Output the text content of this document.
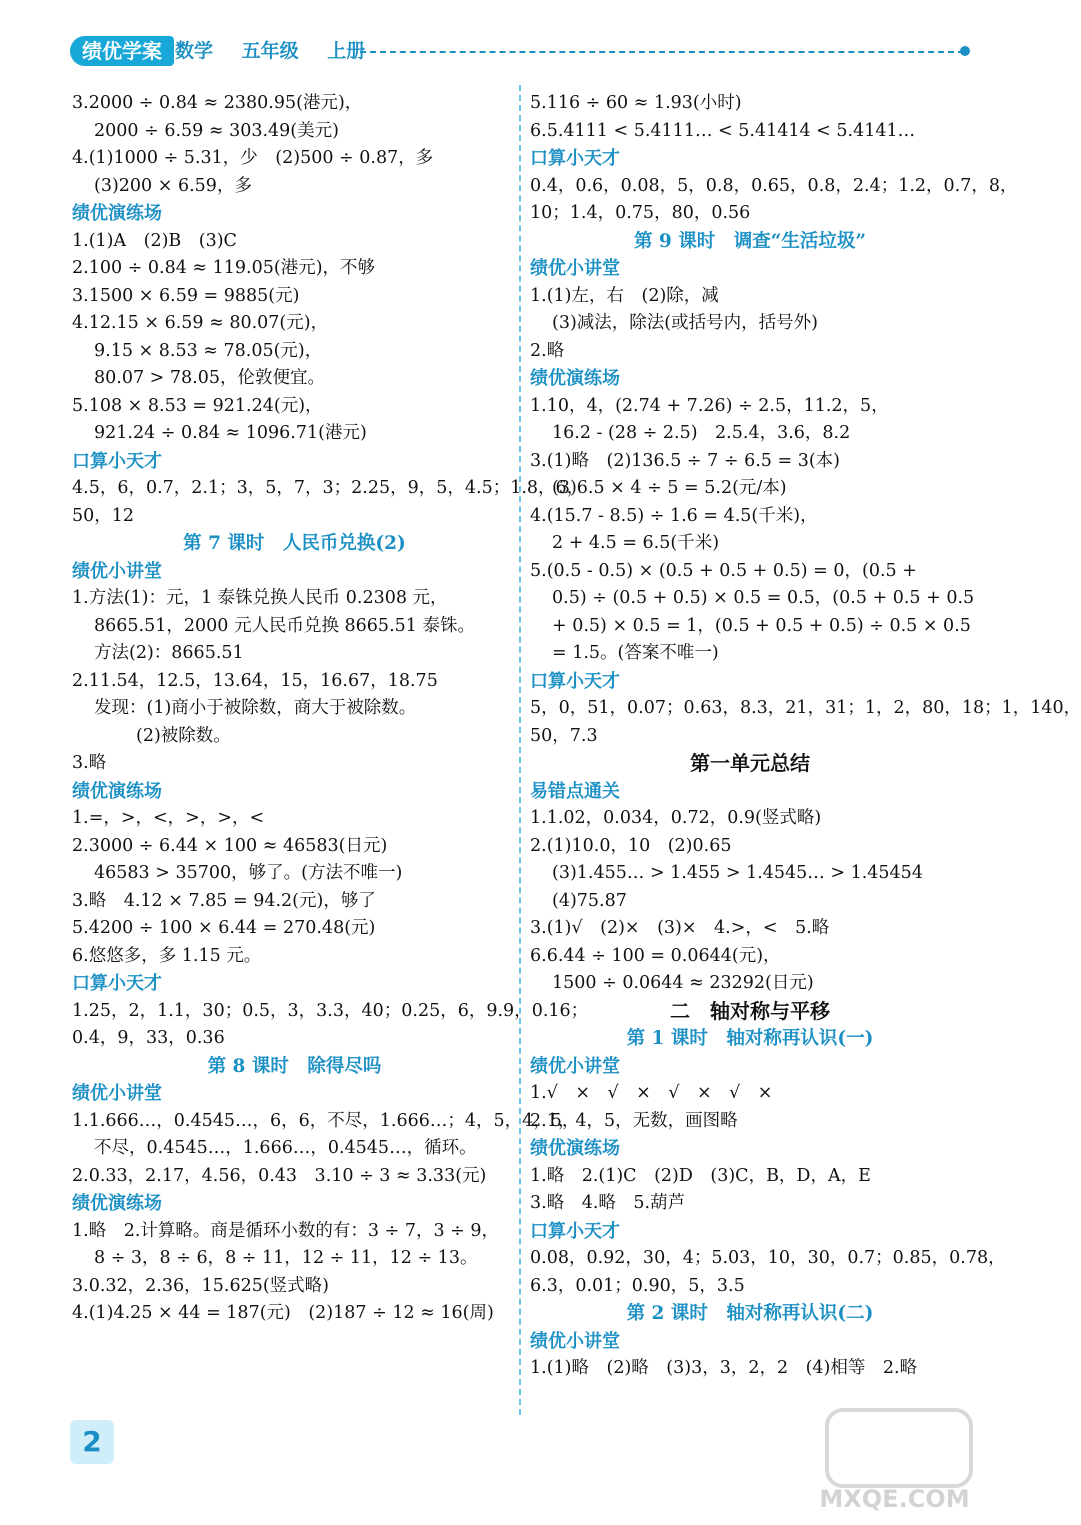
绩优学案 数学 五年级 上册
3.2000 ÷ 0.84 ≈ 2380.95(港元)，
2000 ÷ 6.59 ≈ 303.49(美元)
4.(1)1000 ÷ 5.31，少　(2)500 ÷ 0.87，多
(3)200 × 6.59，多
绩优演练场
1.(1)A　(2)B　(3)C
2.100 ÷ 0.84 ≈ 119.05(港元)，不够
3.1500 × 6.59 = 9885(元)
4.12.15 × 6.59 ≈ 80.07(元)，
9.15 × 8.53 ≈ 78.05(元)，
80.07 > 78.05，伦敦便宜。
5.108 × 8.53 = 921.24(元)，
921.24 ÷ 0.84 ≈ 1096.71(港元)
口算小天才
4.5，6，0.7，2.1；3，5，7，3；2.25，9，5，4.5；1.8，6，
50，12
第 7 课时　人民币兑换(2)
绩优小讲堂
1.方法(1)：元，1 泰铢兑换人民币 0.2308 元，
8665.51，2000 元人民币兑换 8665.51 泰铢。
方法(2)：8665.51
2.11.54，12.5，13.64，15，16.67，18.75
发现：(1)商小于被除数，商大于被除数。
(2)被除数。
3.略
绩优演练场
1.=，>，<，>，>，<
2.3000 ÷ 6.44 × 100 ≈ 46583(日元)
46583 > 35700，够了。(方法不唯一)
3.略　4.12 × 7.85 = 94.2(元)，够了
5.4200 ÷ 100 × 6.44 = 270.48(元)
6.悠悠多，多 1.15 元。
口算小天才
1.25，2，1.1，30；0.5，3，3.3，40；0.25，6，9.9，0.16；
0.4，9，33，0.36
第 8 课时　除得尽吗
绩优小讲堂
1.1.666…，0.4545…，6，6，不尽，1.666…；4，5，4，5，
不尽，0.4545…，1.666…，0.4545…，循环。
2.0.33，2.17，4.56，0.43　3.10 ÷ 3 ≈ 3.33(元)
绩优演练场
1.略　2.计算略。商是循环小数的有：3 ÷ 7，3 ÷ 9，
8 ÷ 3，8 ÷ 6，8 ÷ 11，12 ÷ 11，12 ÷ 13。
3.0.32，2.36，15.625(竖式略)
4.(1)4.25 × 44 = 187(元)　(2)187 ÷ 12 ≈ 16(周)
5.116 ÷ 60 ≈ 1.93(小时)
6.5.4111 < 5.4111… < 5.41414 < 5.4141…
口算小天才
0.4，0.6，0.08，5，0.8，0.65，0.8，2.4；1.2，0.7，8，
10；1.4，0.75，80，0.56
第 9 课时　调查“生活垃圾”
绩优小讲堂
1.(1)左，右　(2)除，减
(3)减法，除法(或括号内，括号外)
2.略
绩优演练场
1.10，4，(2.74 + 7.26) ÷ 2.5，11.2，5，
16.2 - (28 ÷ 2.5)　2.5.4，3.6，8.2
3.(1)略　(2)136.5 ÷ 7 ÷ 6.5 = 3(本)
(3)6.5 × 4 ÷ 5 = 5.2(元/本)
4.(15.7 - 8.5) ÷ 1.6 = 4.5(千米)，
2 + 4.5 = 6.5(千米)
5.(0.5 - 0.5) × (0.5 + 0.5 + 0.5) = 0，(0.5 +
0.5) ÷ (0.5 + 0.5) × 0.5 = 0.5，(0.5 + 0.5 + 0.5
+ 0.5) × 0.5 = 1，(0.5 + 0.5 + 0.5) ÷ 0.5 × 0.5
= 1.5。(答案不唯一)
口算小天才
5，0，51，0.07；0.63，8.3，21，31；1，2，80，18；1，140，
50，7.3
第一单元总结
易错点通关
1.1.02，0.034，0.72，0.9(竖式略)
2.(1)10.0，10　(2)0.65
(3)1.455… > 1.455 > 1.4545… > 1.45454
(4)75.87
3.(1)√　(2)×　(3)×　4.>，<　5.略
6.6.44 ÷ 100 = 0.0644(元)，
1500 ÷ 0.0644 ≈ 23292(日元)
二　轴对称与平移
第 1 课时　轴对称再认识(一)
绩优小讲堂
1.√　×　√　×　√　×　√　×
2.1，4，5，无数，画图略
绩优演练场
1.略　2.(1)C　(2)D　(3)C，B，D，A，E
3.略　4.略　5.葫芦
口算小天才
0.08，0.92，30，4；5.03，10，30，0.7；0.85，0.78，
6.3，0.01；0.90，5，3.5
第 2 课时　轴对称再认识(二)
绩优小讲堂
1.(1)略　(2)略　(3)3，3，2，2　(4)相等　2.略
2
MXQE.COM
